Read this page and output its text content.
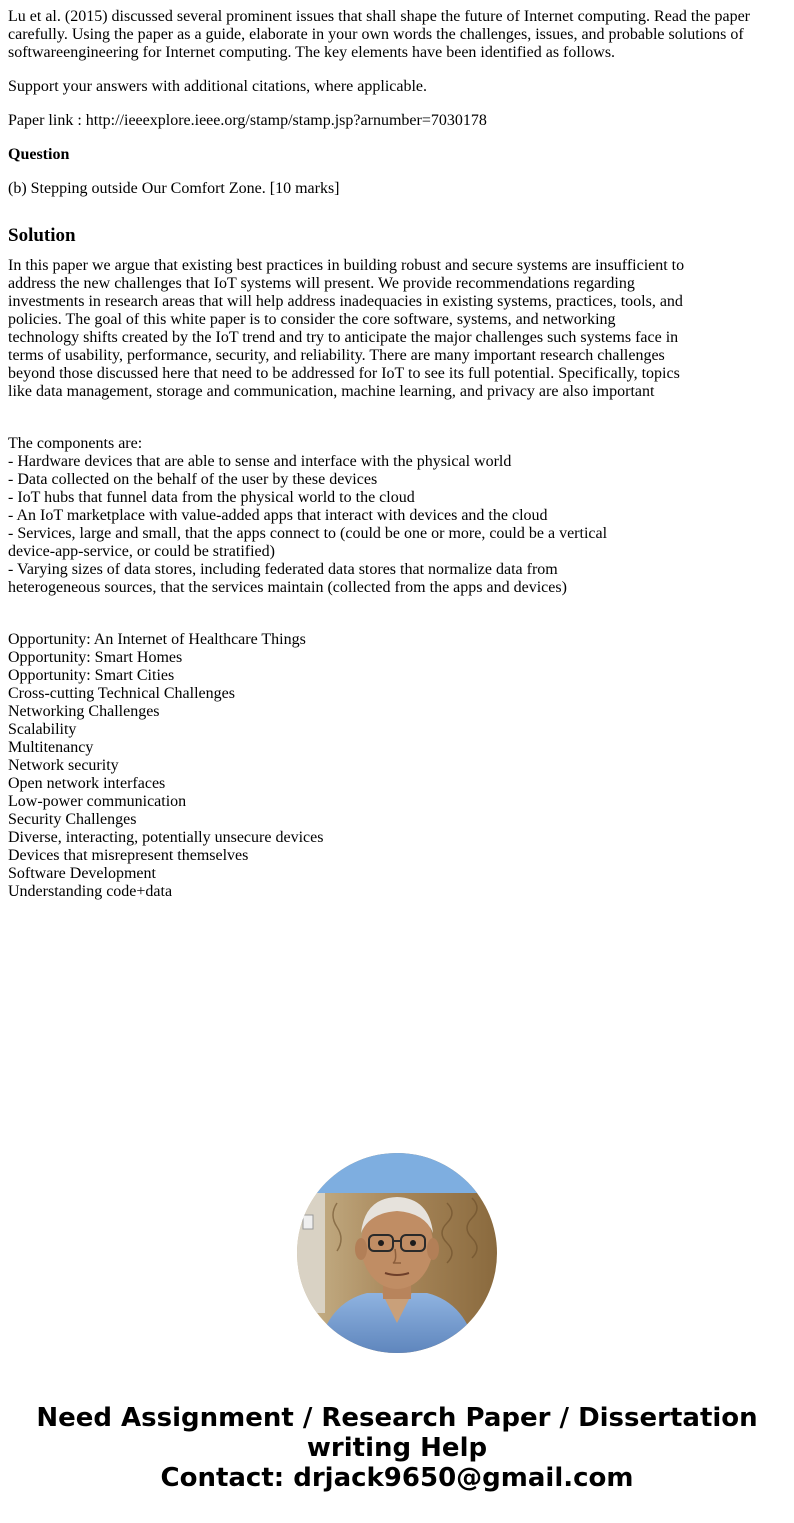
Lu et al. (2015) discussed several prominent issues that shall shape the future of Internet computing. Read the paper carefully. Using the paper as a guide, elaborate in your own words the challenges, issues, and probable solutions of softwareengineering for Internet computing. The key elements have been identified as follows.

Support your answers with additional citations, where applicable.

Paper link : http://ieeexplore.ieee.org/stamp/stamp.jsp?arnumber=7030178

Question

(b) Stepping outside Our Comfort Zone. [10 marks]

Solution
In this paper we argue that existing best practices in building robust and secure systems are insufficient to
address the new challenges that IoT systems will present. We provide recommendations regarding
investments in research areas that will help address inadequacies in existing systems, practices, tools, and
policies. The goal of this white paper is to consider the core software, systems, and networking
technology shifts created by the IoT trend and try to anticipate the major challenges such systems face in
terms of usability, performance, security, and reliability. There are many important research challenges
beyond those discussed here that need to be addressed for IoT to see its full potential. Specifically, topics
like data management, storage and communication, machine learning, and privacy are also important
The components are:
- Hardware devices that are able to sense and interface with the physical world
- Data collected on the behalf of the user by these devices
- IoT hubs that funnel data from the physical world to the cloud
- An IoT marketplace with value-added apps that interact with devices and the cloud
- Services, large and small, that the apps connect to (could be one or more, could be a vertical
device-app-service, or could be stratified)
- Varying sizes of data stores, including federated data stores that normalize data from
heterogeneous sources, that the services maintain (collected from the apps and devices)
Opportunity: An Internet of Healthcare Things
Opportunity: Smart Homes
Opportunity: Smart Cities
Cross-cutting Technical Challenges
Networking Challenges
Scalability
Multitenancy
Network security
Open network interfaces
Low-power communication
Security Challenges
Diverse, interacting, potentially unsecure devices
Devices that misrepresent themselves
Software Development
Understanding code+data
Need Assignment / Research Paper / Dissertation
writing Help
Contact: drjack9650@gmail.com
